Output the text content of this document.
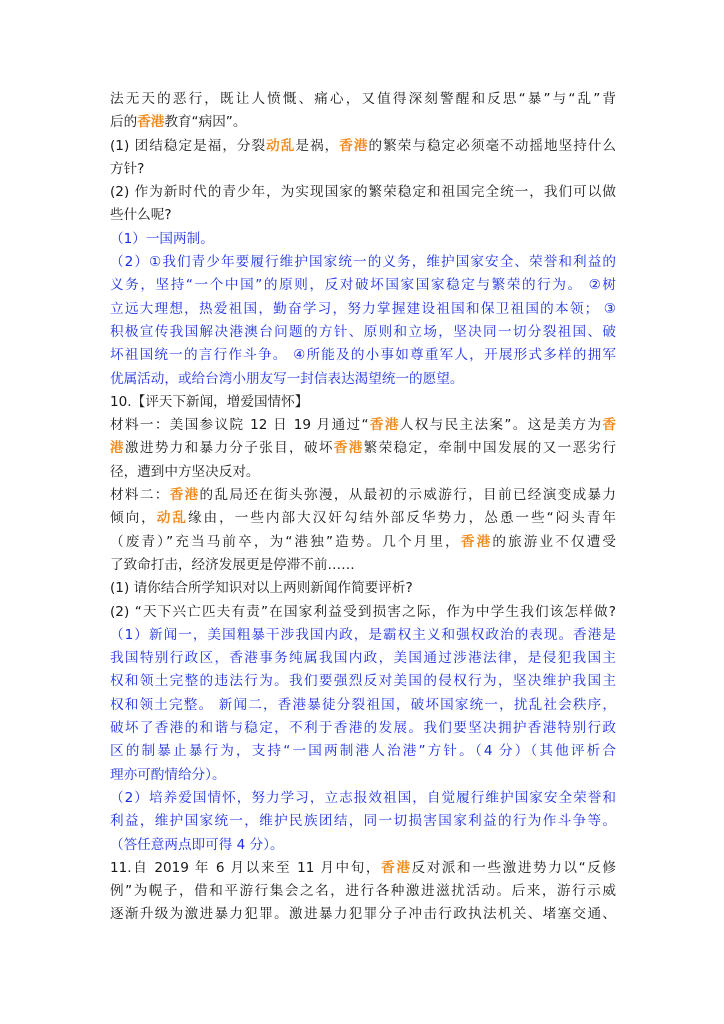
法无天的恶行，既让人愤慨、痛心，又值得深刻警醒和反思“暴”与“乱”背
后的香港教育“病因”。
(1) 团结稳定是福，分裂动乱是祸，香港的繁荣与稳定必须毫不动摇地坚持什么
方针?
(2) 作为新时代的青少年，为实现国家的繁荣稳定和祖国完全统一，我们可以做
些什么呢?
（1）一国两制。
（2）①我们青少年要履行维护国家统一的义务，维护国家安全、荣誉和利益的
义务，坚持“一个中国”的原则，反对破坏国家国家稳定与繁荣的行为。 ②树
立远大理想，热爱祖国，勤奋学习，努力掌握建设祖国和保卫祖国的本领； ③
积极宣传我国解决港澳台问题的方针、原则和立场，坚决同一切分裂祖国、破
坏祖国统一的言行作斗争。 ④所能及的小事如尊重军人，开展形式多样的拥军
优属活动，或给台湾小朋友写一封信表达渴望统一的愿望。
10.【评天下新闻，增爱国情怀】
材料一：美国参议院 12 日 19 月通过“香港人权与民主法案”。这是美方为香
港激进势力和暴力分子张目，破坏香港繁荣稳定，牵制中国发展的又一恶劣行
径，遭到中方坚决反对。
材料二：香港的乱局还在街头弥漫，从最初的示威游行，目前已经演变成暴力
倾向，动乱缘由，一些内部大汉奸勾结外部反华势力，怂恿一些“闷头青年
（废青）”充当马前卒，为“港独”造势。几个月里，香港的旅游业不仅遭受
了致命打击，经济发展更是停滞不前……
(1) 请你结合所学知识对以上两则新闻作简要评析?
(2) “天下兴亡匹夫有责”在国家利益受到损害之际，作为中学生我们该怎样做?
（1）新闻一，美国粗暴干涉我国内政，是霸权主义和强权政治的表现。香港是
我国特别行政区，香港事务纯属我国内政，美国通过涉港法律，是侵犯我国主
权和领土完整的违法行为。我们要强烈反对美国的侵权行为，坚决维护我国主
权和领土完整。 新闻二，香港暴徒分裂祖国，破坏国家统一，扰乱社会秩序，
破坏了香港的和谐与稳定，不利于香港的发展。我们要坚决拥护香港特别行政
区的制暴止暴行为，支持“一国两制港人治港”方针。（4 分）（其他评析合
理亦可酌情给分）。
（2）培养爱国情怀，努力学习，立志报效祖国，自觉履行维护国家安全荣誉和
利益，维护国家统一，维护民族团结，同一切损害国家利益的行为作斗争等。
（答任意两点即可得 4 分）。
11.自 2019 年 6 月以来至 11 月中旬，香港反对派和一些激进势力以“反修
例”为幌子，借和平游行集会之名，进行各种激进滋扰活动。后来，游行示威
逐渐升级为激进暴力犯罪。激进暴力犯罪分子冲击行政执法机关、堵塞交通、
